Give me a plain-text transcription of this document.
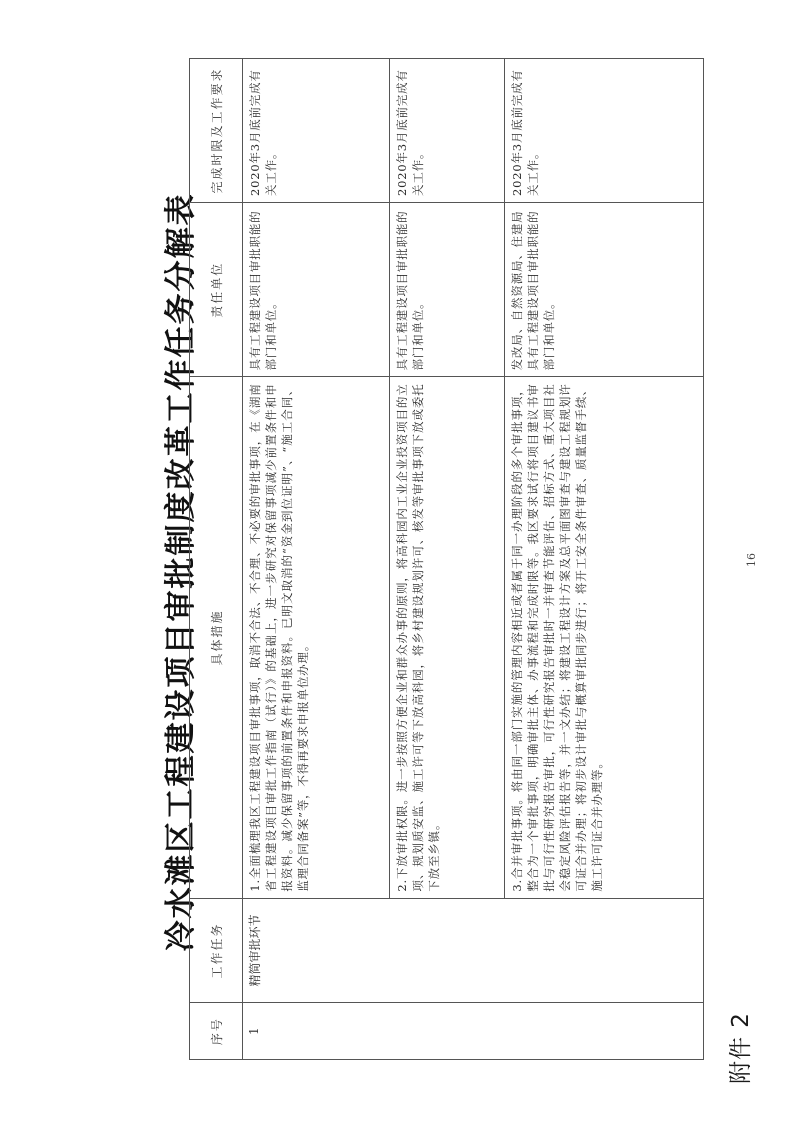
附件 2
冷水滩区工程建设项目审批制度改革工作任务分解表
序号	工作任务	具体措施	责任单位	完成时限及工作要求
1	精简审批环节	1.全面梳理我区工程建设项目审批事项，取消不合法、不合理、不必要的审批事项，在《湖南省工程建设项目审批工作指南（试行）》的基础上，进一步研究对保留事项减少前置条件和申报资料。减少保留事项的前置条件和申报资料。已明文取消的“资金到位证明”、“施工合同、监理合同备案”等，不得再要求申报单位办理。	具有工程建设项目审批职能的部门和单位。	2020年3月底前完成有关工作。
		2.下放审批权限。进一步按照方便企业和群众办事的原则，将高科园内工业企业投资项目的立项、规划质安监、施工许可等下放高科园，将乡村建设规划许可、核发等审批事项下放或委托下放至乡镇。	具有工程建设项目审批职能的部门和单位。	2020年3月底前完成有关工作。
		3.合并审批事项。将由同一部门实施的管理内容相近或者属于同一办理阶段的多个审批事项，整合为一个审批事项，明确审批主体、办事流程和完成时限等。我区要求试行将项目建议书审批与可行性研究报告审批，可行性研究报告审批时一并审查节能评估、招标方式、重大项目社会稳定风险评估报告等，并一文办结；将建设工程设计方案及总平面图审查与建设工程规划许可证合并办理；将初步设计审批与概算审批同步进行；将开工安全条件审查、质量监督手续、施工许可证合并办理等。	发改局、自然资源局、住建局具有工程建设项目审批职能的部门和单位。	2020年3月底前完成有关工作。
16
